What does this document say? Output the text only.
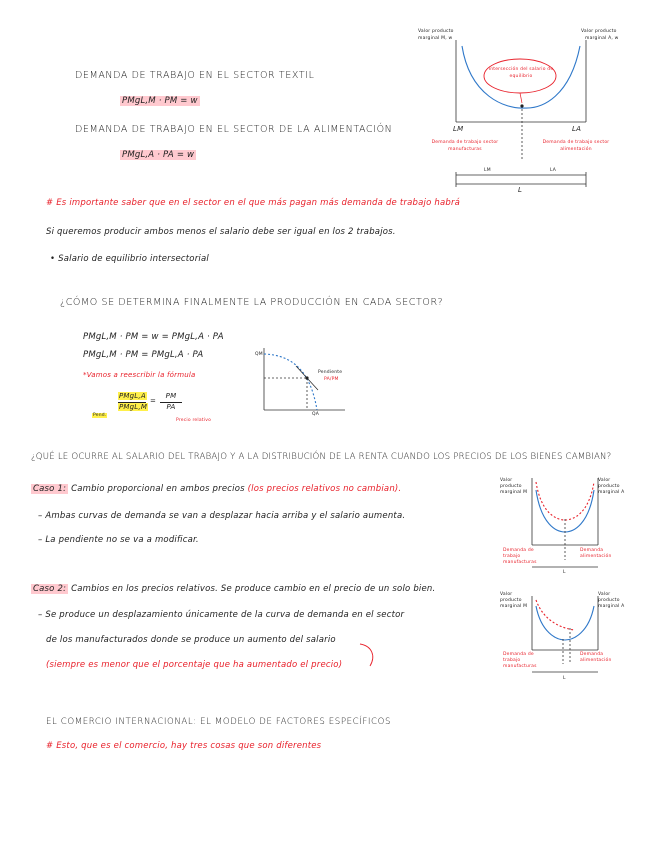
DEMANDA DE TRABAJO EN EL SECTOR TEXTIL
PMgL,M · PM = w
DEMANDA DE TRABAJO EN EL SECTOR DE LA ALIMENTACIÓN
PMgL,A · PA = w
Valor producto
marginal M, w
Valor producto
marginal A, w
Intersección del salario de equilibrio
LM	LA
Demanda de trabajo sector manufacturas
Demanda de trabajo sector alimentación
LM	LA
L
# Es importante saber que en el sector en el que más pagan más demanda de trabajo habrá
Si queremos producir ambos menos el salario debe ser igual en los 2 trabajos.
• Salario de equilibrio intersectorial
¿CÓMO SE DETERMINA FINALMENTE LA PRODUCCIÓN EN CADA SECTOR?
PMgL,M · PM = w = PMgL,A · PA
PMgL,M · PM = PMgL,A · PA
*Vamos a reescribir la fórmula
PMgL,A
PMgL,M
=
PM
PA
Pend.
Precio relativo
QM
QA
Pendiente
PA/PM
¿QUÉ LE OCURRE AL SALARIO DEL TRABAJO Y A LA DISTRIBUCIÓN DE LA RENTA CUANDO LOS PRECIOS DE LOS BIENES CAMBIAN?
Caso 1: Cambio proporcional en ambos precios (los precios relativos no cambian).
– Ambas curvas de demanda se van a desplazar hacia arriba y el salario aumenta.
– La pendiente no se va a modificar.
Valor producto marginal M
Valor producto marginal A
Demanda de trabajo manufacturas
Demanda alimentación
L
Caso 2: Cambios en los precios relativos. Se produce cambio en el precio de un solo bien.
– Se produce un desplazamiento únicamente de la curva de demanda en el sector
de los manufacturados donde se produce un aumento del salario
(siempre es menor que el porcentaje que ha aumentado el precio)
Valor producto marginal M
Valor producto marginal A
Demanda de trabajo manufacturas
Demanda alimentación
L
EL COMERCIO INTERNACIONAL: EL MODELO DE FACTORES ESPECÍFICOS
# Esto, que es el comercio, hay tres cosas que son diferentes
